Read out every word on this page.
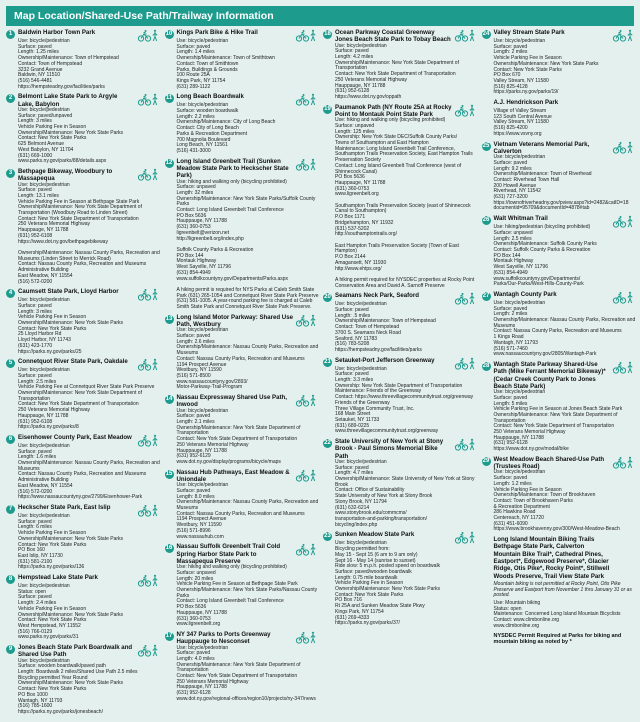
Map Location/Shared-Use Path/Trailway Information
1 Baldwin Harbor Town Park
Use: bicycle/pedestrian
Surface: paved
Length: 1.25 miles
Ownership/Maintenance: Town of Hempstead
Contact: Town of Hempstead
3232 Grand Avenue
Baldwin, NY 11510
(516) 546-4481
https://hempsteadny.gov/facilities/parks
2 Belmont Lake State Park to Argyle Lake, Babylon
Use: bicycle/pedestrian
Surface: paved/unpaved
Length: 3 miles
Vehicle Parking Fee in Season
Ownership/Maintenance: New York State Parks
Contact: New York State Parks
625 Belmont Avenue
West Babylon, NY 11704
(631) 669-1000
www.parks.ny.gov/parks/88/details.aspx
3 Bethpage Bikeway, Woodbury to Massapequa
Use: bicycle/pedestrian
Surface: paved
Length: 13.1 miles
Vehicle Parking Fee in Season at Bethpage State Park
Ownership/Maintenance: New York State Department of Transportation (Woodbury Road to Linden Street)
Contact: New York State Department of Transportation
250 Veterans Memorial Highway
Hauppauge, NY 11788
(631) 952-6108
https://www.dot.ny.gov/bethpagebikeway

Ownership/Maintenance: Nassau County Parks, Recreation and Museums (Linden Street to Merrick Road)
Contact: Nassau County Parks, Recreation and Museums
Administrative Building
East Meadow, NY 11554
(516) 572-0200
4 Caumsett State Park, Lloyd Harbor
Use: bicycle/pedestrian
Surface: paved
Length: 3 miles
Vehicle Parking Fee in Season
Ownership/Maintenance: New York State Parks
Contact: New York State Parks
25 Lloyd Harbor Rd
Lloyd Harbor, NY 11743
(631) 423-1770
https://parks.ny.gov/parks/25
5 Connetquot River State Park, Oakdale
Use: bicycle/pedestrian
Surface: paved
Length: 2.5 miles
Vehicle Parking Fee at Connetquot River State Park Preserve
Ownership/Maintenance: New York State Department of Transportation
Contact: New York State Department of Transportation
250 Veterans Memorial Highway
Hauppauge, NY 11788
(631) 952-6108
https://parks.ny.gov/parks/8
6 Eisenhower County Park, East Meadow
Use: bicycle/pedestrian
Surface: paved
Length: 1.6 miles
Ownership/Maintenance: Nassau County Parks, Recreation and Museums
Contact: Nassau County Parks, Recreation and Museums
Administrative Building
East Meadow, NY 11554
(516) 572-0200
https://www.nassaucountyny.gov/2799/Eisenhower-Park
7 Heckscher State Park, East Islip
Use: bicycle/pedestrian
Surface: paved
Length: 6 miles
Vehicle Parking Fee in Season
Ownership/Maintenance: New York State Parks
Contact: New York State Parks
PO Box 160
East Islip, NY 11730
(631) 581-2100
https://parks.ny.gov/parks/136
8 Hempstead Lake State Park
Use: bicycle/pedestrian
Status: open
Surface: paved
Length: 2.4 miles
Vehicle Parking Fee in Season
Ownership/Maintenance: New York State Parks
Contact: New York State Parks
West Hempstead, NY 11552
(516) 766-0129
www.parks.ny.gov/parks/31
9 Jones Beach State Park Boardwalk and Shared Use Path
Use: bicycle/pedestrian
Surface: wooden boardwalk/paved path
Length: Boardwalk 2 miles/Shared Use Path 2.5 miles
Bicycling permitted Year Round
Ownership/Maintenance: New York State Parks
Contact: New York State Parks
PO Box 1000
Wantagh, NY 11793
(516) 785-1600
https://parks.ny.gov/parks/jonesbeach/
10 Kings Park Bike & Hike Trail
Use: bicycle/pedestrian
Surface: paved
Length: 1.4 miles
Ownership/Maintenance: Town of Smithtown
Contact: Town of Smithtown
Parks, Buildings & Grounds
100 Route 25A
Kings Park, NY 11754
(631) 289-1122
11 Long Beach Boardwalk
Use: bicycle/pedestrian
Surface: wooden boardwalk
Length: 2.2 miles
Ownership/Maintenance: City of Long Beach
Contact: City of Long Beach
Parks & Recreation Department
700 Magnolia Boulevard
Long Beach, NY 11561
(516) 431-3000
12 Long Island Greenbelt Trail (Sunken Meadow State Park to Heckscher State Park)
Use: hiking and walking only (bicycling prohibited)
Surface: unpaved
Length: 32 miles
Ownership/Maintenance: New York State Parks/Suffolk County Parks
Contact: Long Island Greenbelt Trail Conference
PO Box 5636
Hauppauge, NY 11788
(631) 360-0753
ligreenbelt@verizon.net
http://ligreenbelt.org/index.php

Suffolk County Parks & Recreation
PO Box 144
Montauk Highway
West Sayville, NY 11796
(631) 854-4949
www.suffolkcountyny.gov/Departments/Parks.aspx

A hiking permit is required for NYS Parks at Caleb Smith State Park (631) 265-1054 and Connetquot River State Park Preserve (631) 581-1005. A year-round parking fee is charged at Caleb Smith State Park and Connetquot River State Park Preserve.
13 Long Island Motor Parkway: Shared Use Path, Westbury
Use: bicycle/pedestrian
Surface: paved
Length: 2.6 miles
Ownership/Maintenance: Nassau County Parks, Recreation and Museums
Contact: Nassau County Parks, Recreation and Museums
1194 Prospect Avenue
Westbury, NY 11590
(516) 571-8500
www.nassaucountyny.gov/2893/
Motor-Parkway-Trail-Program
14 Nassau Expressway Shared Use Path, Inwood
Use: bicycle/pedestrian
Surface: paved
Length: 2.1 miles
Ownership/Maintenance: New York State Department of Transportation
Contact: New York State Department of Transportation
250 Veterans Memorial Highway
Hauppauge, NY 11788
(631) 952-6129
www.dot.ny.gov/display/programs/bicycle/maps
15 Nassau Hub Pathways, East Meadow & Uniondale
Use: bicycle/pedestrian
Surface: paved
Length: 8.0 miles
Ownership/Maintenance: Nassau County Parks, Recreation and Museums
Contact: Nassau County Parks, Recreation and Museums
1194 Prospect Avenue
Westbury, NY 11590
(516) 571-8996
www.nassauhub.com
16 Nassau Suffolk Greenbelt Trail Cold Spring Harbor State Park to Massapequa Preserve
Use: hiking and walking only (bicycling prohibited)
Surface: unpaved
Length: 20 miles
Vehicle Parking Fee in Season at Bethpage State Park
Ownership/Maintenance: New York State Parks/Nassau County Parks
Contact: Long Island Greenbelt Trail Conference
PO Box 5636
Hauppauge, NY 11788
(631) 360-0753
www.ligreenbelt.org
17 NY 347 Parks to Ports Greenway Hauppauge to Nesconset
Use: bicycle/pedestrian
Surface: paved
Length: 4.0 miles
Ownership/Maintenance: New York State Department of Transportation
Contact: New York State Department of Transportation
250 Veterans Memorial Highway
Hauppauge, NY 11788
(631) 952-6128
www.dot.ny.gov/regional-offices/region10/projects/ny-347/news
18 Ocean Parkway Coastal Greenway Jones Beach State Park to Tobay Beach
Use: bicycle/pedestrian
Surface: paved
Length: 4.2 miles
Ownership/Maintenance: New York State Department of Transportation
Contact: New York State Department of Transportation
250 Veterans Memorial Highway
Hauppauge, NY 11788
(631) 952-6128
https://www.dot.ny.gov/oppath
19 Paumanok Path (NY Route 25A at Rocky Point to Montauk Point State Park
Use: hiking and walking only (bicycling prohibited)
Surface: unpaved
Length: 125 miles
Ownership: New York State DEC/Suffolk County Parks/
Towns of Southampton and East Hampton
Maintenance: Long Island Greenbelt Trail Conference, Southampton Trails Preservation Society, East Hampton Trails Preservation Society
Contact: Long Island Greenbelt Trail Conference (west of Shinnecock Canal)
PO Box 5636
Hauppauge, NY 11788
(631) 360-0753
www.ligreenbelt.org

Southampton Trails Preservation Society (east of Shinnecock Canal to Southampton)
P.O Box 1171
Bridgehampton, NY 11932
(631) 537-5202
http://southamptontrails.org/

East Hampton Trails Preservation Society (Town of East Hampton)
P.O Box 2144
Amagansett, NY 11930
http://www.ehtps.org/

A hiking permit required for NYSDEC properties at Rocky Point Conservation Area and David A. Sarnoff Preserve
20 Seamans Neck Park, Seaford
Use: bicycle/pedestrian
Surface: paved
Length: .5 miles
Ownership/Maintenance: Town of Hempstead
Contact: Town of Hempstead
3700 S. Seamans Neck Road
Seaford, NY 11783
(516) 783-5208
https://hempsteadny.gov/facilities/parks
21 Setauket-Port Jefferson Greenway
Use: bicycle/pedestrian
Surface: paved
Length: 3.3 miles
Ownership: New York State Department of Transportation
Maintenance: Friends of the Greenway
Contact: https://www.threevillagecommunitytrust.org/greenway
Friends of the Greenway
Three Village Community Trust, Inc.
168 Main Street
Setauket, NY 11733
(631) 689-0225
www.threevillagecommunitytrust.org/greenway
22 State University of New York at Stony Brook - Paul Simons Memorial Bike Path
Use: bicycle/pedestrian
Surface: paved
Length: 4.7 miles
Ownership/Maintenance: State University of New York at Stony Brook
Contact: Office of Sustainability
State University of New York at Stony Brook
Stony Brook, NY 11794
(631) 632-6214
www.stonybrook.edu/commcms/
transportation-and-parking/transportation/
bicycling/index.php
23 Sunken Meadow State Park
Use: bicycle/pedestrian
Bicycling permitted from:
May 15 - Sept 15 (6 am to 9 am only)
Sept 16 - May 14 (sunrise to sunset)
Ride slow: 5 m.p.h. posted speed on boardwalk
Surface: paved/wooden boardwalk
Length: 0.75 mile boardwalk
Vehicle Parking Fee in Season
Ownership/Maintenance: New York State Parks
Contact: New York State Parks
PO Box 716
Rt 25A and Sunken Meadow State Pkwy
Kings Park, NY 11754
(631) 269-4333
https://parks.ny.gov/parks/37/
24 Valley Stream State Park
Use: bicycle/pedestrian
Surface: paved
Length: 2 miles
Vehicle Parking Fee in Season
Ownership/Maintenance: New York State Parks
Contact: New York State Parks
PO Box 670
Valley Stream, NY 11580
(516) 825-4128
https://parks.ny.gov/parks/19/
A.J. Hendrickson Park
Village of Valley Stream
123 South Central Avenue
Valley Stream, NY 11580
(516) 825-4200
https://www.vsvny.org
25 Vietnam Veterans Memorial Park, Calverton
Use: bicycle/pedestrian
Surface: paved
Length: 9.2 miles
Ownership/Maintenance: Town of Riverhead
Contact: Riverhead Town Hall
200 Howell Avenue
Riverhead, NY 11542
(631) 727-3200
https://townofriverheadny.gov/pview.aspx?id=2482&catID=18
documentid=95709&documentId=4878#tab
26 Walt Whitman Trail
Use: hiking/pedestrian (bicycling prohibited)
Surface: unpaved
Length: 2.5 miles
Ownership/Maintenance: Suffolk County Parks
Contact: Suffolk County Parks & Recreation
PO Box 144
Montauk Highway
West Sayville, NY 11796
(631) 854-4949
www.suffolkcountyny.gov/Departments/
Parks/Our-Parks/West-Hills-County-Park
27 Wantagh County Park
Use: bicycle/pedestrian
Surface: paved
Length: 2 miles
Ownership/Maintenance: Nassau County Parks, Recreation and Museums
Contact: Nassau County Parks, Recreation and Museums
1 Kings Road
Wantagh, NY 11793
(516) 571-7460
www.nassaucountyny.gov/2805/Wantagh-Park
28 Wantagh State Parkway Shared-Use Path (Mike Ferrant Memorial Bikeway)* (Cedar Creek County Park to Jones Beach State Park)
Use: bicycle/pedestrian
Surface: paved
Length: 5 miles
Vehicle Parking Fee in Season at Jones Beach State Park
Ownership/Maintenance: New York State Department of Transportation
Contact: New York State Department of Transportation
250 Veterans Memorial Highway
Hauppauge, NY 11788
(631) 952-6128
https://www.dot.ny.gov/modal/bike
29 West Meadow Beach Shared-Use Path (Trustees Road)
Use: bicycle/pedestrian
Surface: paved
Length: 1.2 miles
Vehicle Parking Fee in Season
Ownership/Maintenance: Town of Brookhaven
Contact: Town of Brookhaven Parks
& Recreation Department
286 Hawkins Road
Centereach, NY 11720
(631) 451-6090
https://www.brookhavenny.gov/300/West-Meadow-Beach
Long Island Mountain Biking Trails Bethpage State Park, Calverton Mountain Bike Trail*, Cathedral Pines, Eastport*, Edgewood Preserve*, Glacier Ridge, Otis Pike*, Rocky Point*, Stillwell Woods Preserve, Trail View State Park
Mountain biking is not permitted at Rocky Point, Otis Pike Preserve and Eastport from November 1 thru January 31 or as posted.
Use: Mountain biking
Status: open
Maintenance: Concerned Long Island Mountain Bicyclists
Contact: www.climbonline.org
www.climbonline.org
NYSDEC Permit Required at Parks for biking and mountain biking as noted by *
